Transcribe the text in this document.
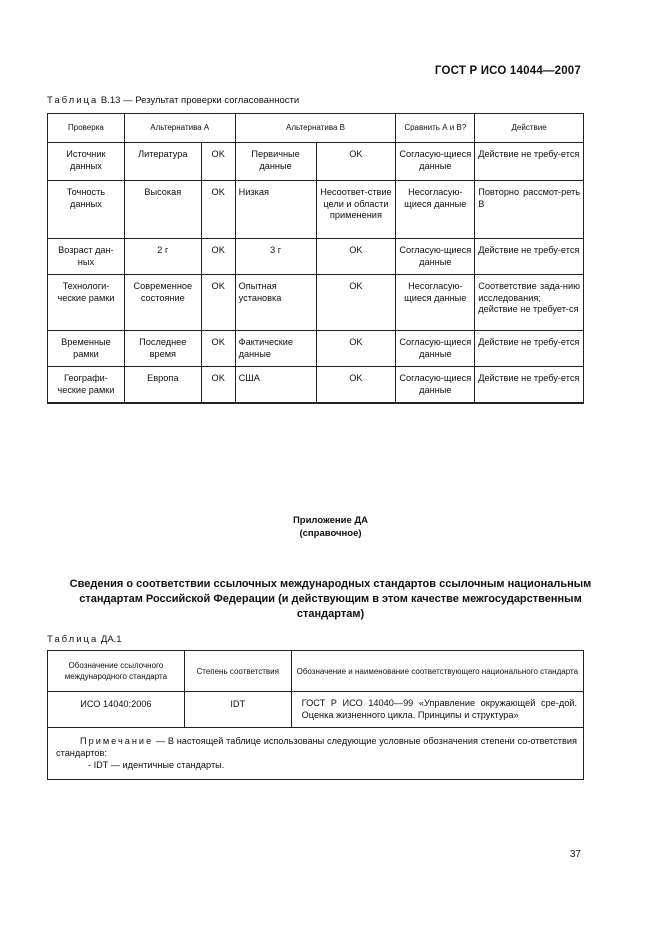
ГОСТ Р ИСО 14044—2007
Таблица В.13 — Результат проверки согласованности
Проверка	Альтернатива А		Альтернатива В		Сравнить А и В?	Действие
Источник данных	Литература	OK	Первичные данные	OK	Согласую-щиеся данные	Действие не требу-ется
Точность данных	Высокая	OK	Низкая	Несоответ-ствие цели и области применения	Несогласую-щиеся данные	Повторно рассмот-реть В
Возраст дан-ных	2 г	OK	3 г	OK	Согласую-щиеся данные	Действие не требу-ется
Технологи-ческие рамки	Современное состояние	OK	Опытная установка	OK	Несогласую-щиеся данные	Соответствие зада-нию исследования; действие не требует-ся
Временные рамки	Последнее время	OK	Фактические данные	OK	Согласую-щиеся данные	Действие не требу-ется
Географи-ческие рамки	Европа	OK	США	OK	Согласую-щиеся данные	Действие не требу-ется
Приложение ДА
(справочное)
Сведения о соответствии ссылочных международных стандартов ссылочным национальным стандартам Российской Федерации (и действующим в этом качестве межгосударственным стандартам)
Таблица ДА.1
Обозначение ссылочного международного стандарта	Степень соответствия	Обозначение и наименование соответствующего национального стандарта
ИСО 14040:2006	IDT	ГОСТ Р ИСО 14040—99 «Управление окружающей сре-дой. Оценка жизненного цикла. Принципы и структура»

Примечание — В настоящей таблице использованы следующие условные обозначения степени со-ответствия стандартов:
- IDT — идентичные стандарты.		
37
